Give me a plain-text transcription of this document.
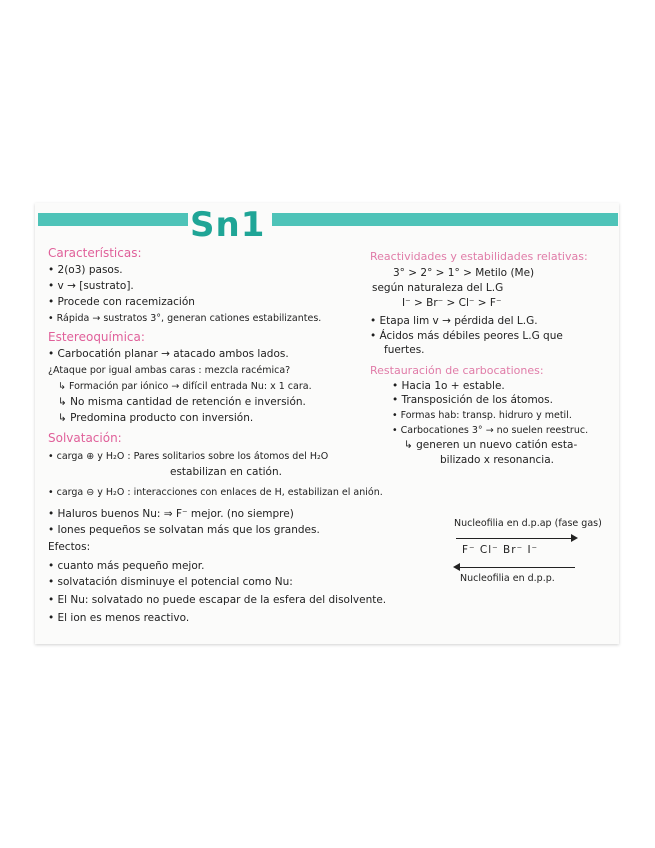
Sn1
Características:
• 2(o3) pasos.
• v → [sustrato].
• Procede con racemización
• Rápida → sustratos 3°, generan cationes estabilizantes.
Estereoquímica:
• Carbocatión planar → atacado ambos lados.
¿Ataque por igual ambas caras : mezcla racémica?
↳ Formación par iónico → difícil entrada Nu: x 1 cara.
↳ No misma cantidad de retención e inversión.
↳ Predomina producto con inversión.
Solvatación:
• carga ⊕ y H₂O : Pares solitarios sobre los átomos del H₂O
estabilizan en catión.
• carga ⊖ y H₂O : interacciones con enlaces de H, estabilizan el anión.
• Haluros buenos Nu: ⇒ F⁻ mejor. (no siempre)
• Iones pequeños se solvatan más que los grandes.
Efectos:
• cuanto más pequeño mejor.
• solvatación disminuye el potencial como Nu:
• El Nu: solvatado no puede escapar de la esfera del disolvente.
• El ion es menos reactivo.
Reactividades y estabilidades relativas:
3° > 2° > 1° > Metilo (Me)
según naturaleza del L.G
I⁻ > Br⁻ > Cl⁻ > F⁻
• Etapa lim v → pérdida del L.G.
• Ácidos más débiles peores L.G que
fuertes.
Restauración de carbocationes:
• Hacia 1o + estable.
• Transposición de los átomos.
• Formas hab: transp. hidruro y metil.
• Carbocationes 3° → no suelen reestruc.
↳ generen un nuevo catión esta-
bilizado x resonancia.
Nucleofilia en d.p.ap (fase gas)
F⁻ Cl⁻ Br⁻ I⁻
Nucleofilia en d.p.p.
